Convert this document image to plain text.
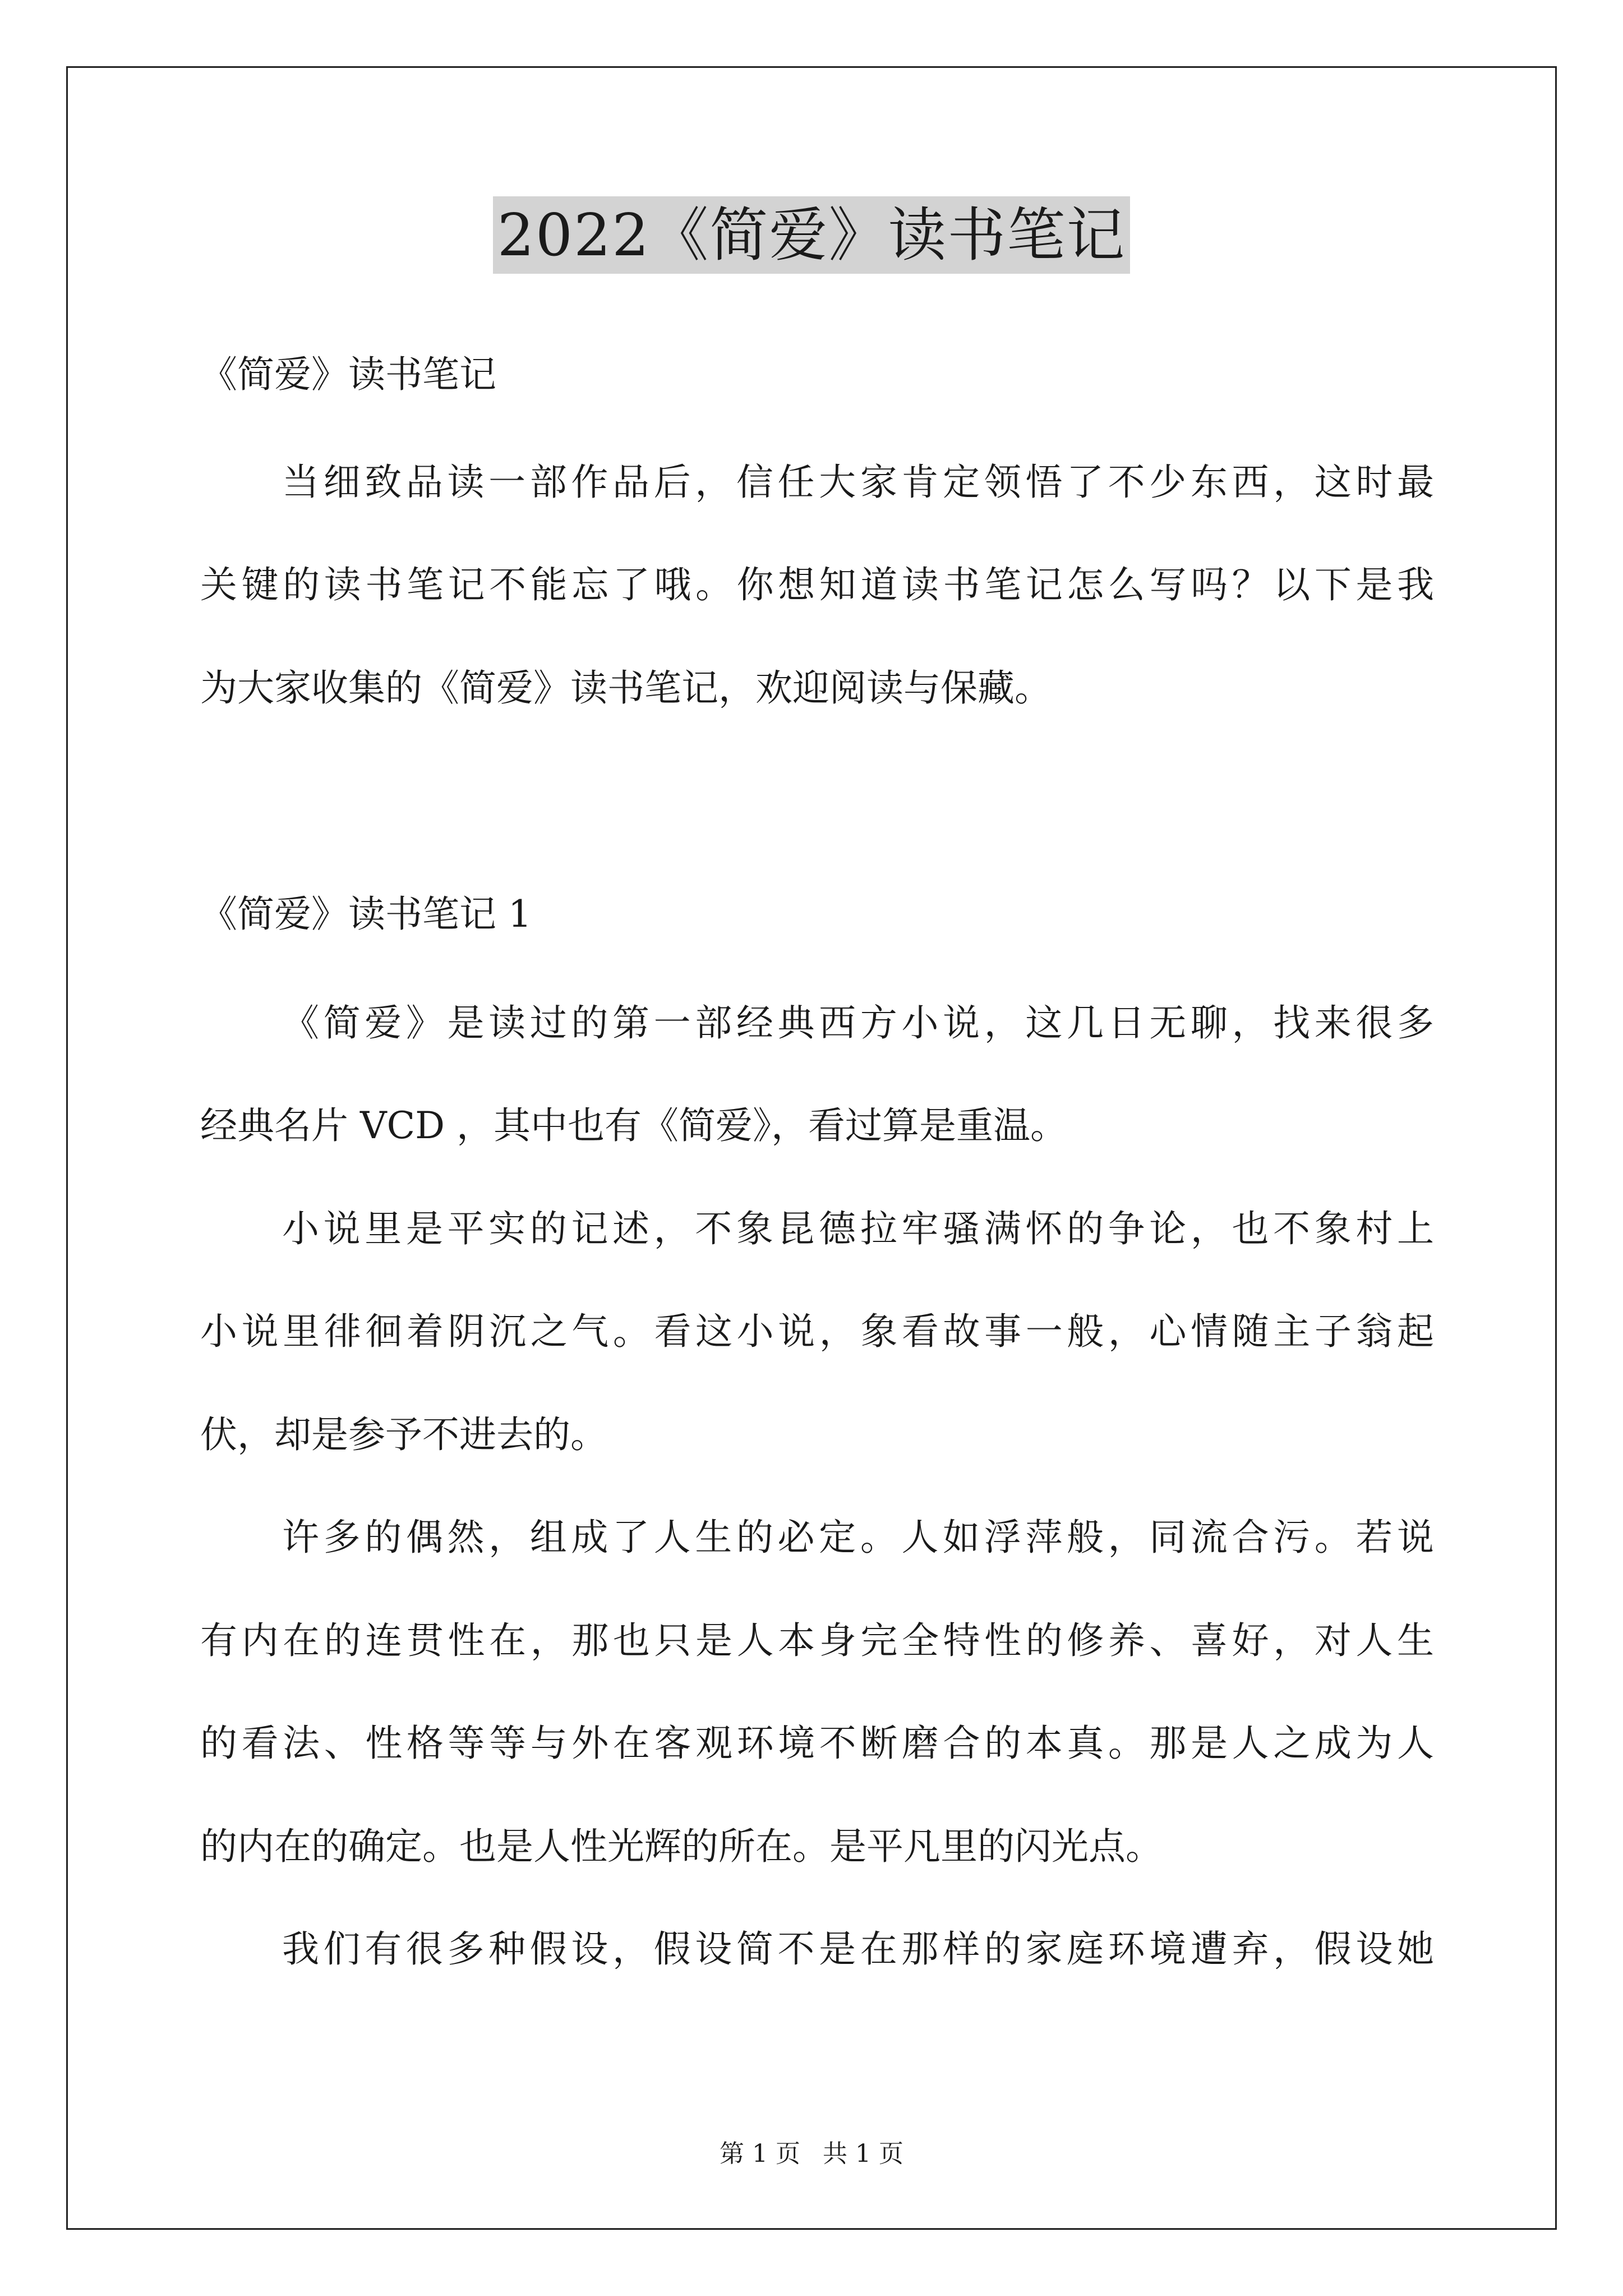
2022《简爱》读书笔记
《简爱》读书笔记
当细致品读一部作品后，信任大家肯定领悟了不少东西，这时最
关键的读书笔记不能忘了哦。你想知道读书笔记怎么写吗？以下是我
为大家收集的《简爱》读书笔记，欢迎阅读与保藏。
《简爱》读书笔记 1
《简爱》是读过的第一部经典西方小说，这几日无聊，找来很多
经典名片 VCD ，其中也有《简爱》，看过算是重温。
小说里是平实的记述，不象昆德拉牢骚满怀的争论，也不象村上
小说里徘徊着阴沉之气。看这小说，象看故事一般，心情随主子翁起
伏，却是参予不进去的。
许多的偶然，组成了人生的必定。人如浮萍般，同流合污。若说
有内在的连贯性在，那也只是人本身完全特性的修养、喜好，对人生
的看法、性格等等与外在客观环境不断磨合的本真。那是人之成为人
的内在的确定。也是人性光辉的所在。是平凡里的闪光点。
我们有很多种假设，假设简不是在那样的家庭环境遭弃，假设她
第 1 页 共 1 页
